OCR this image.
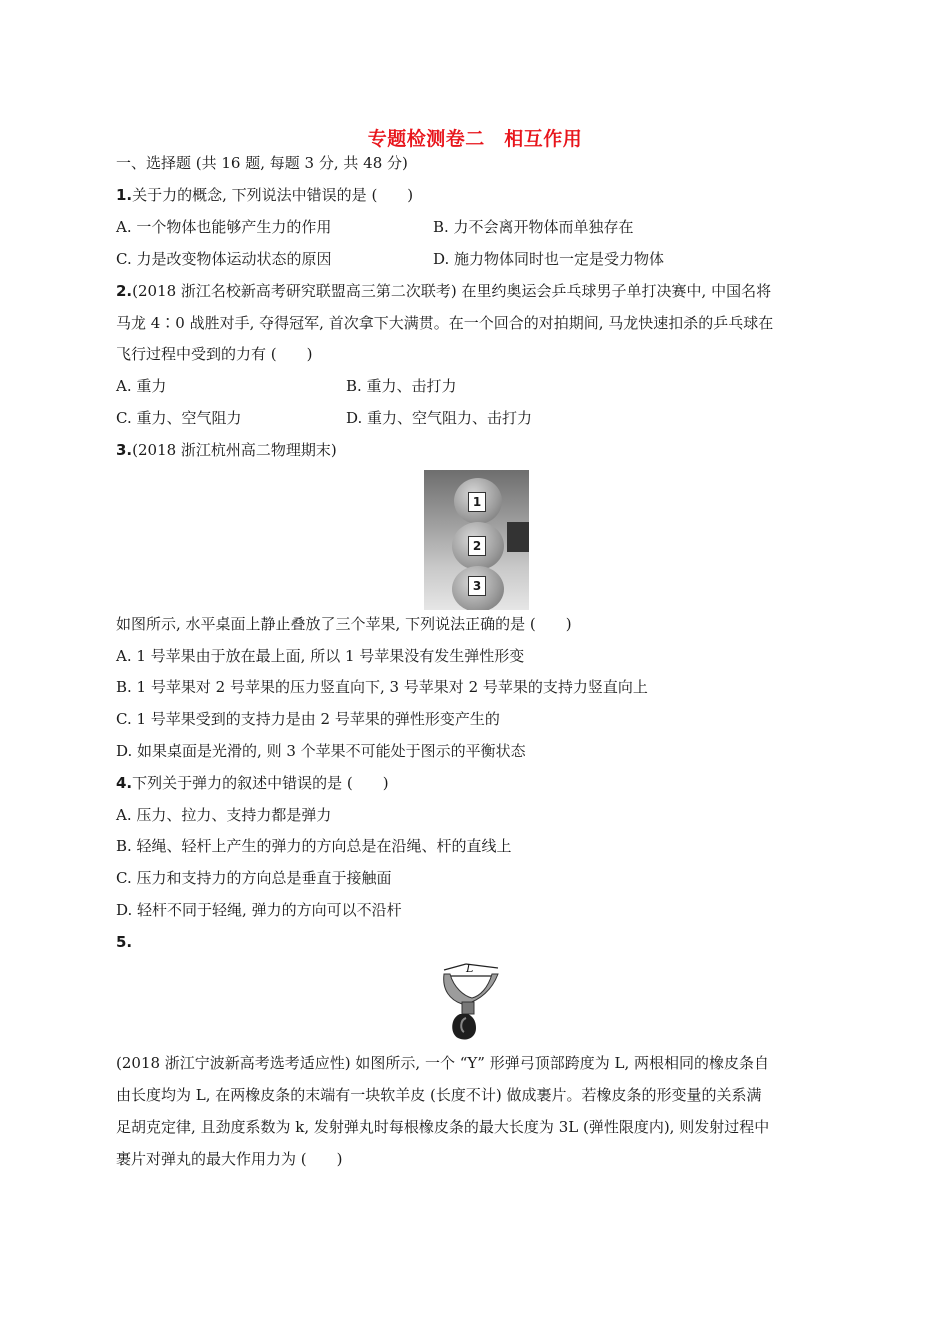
专题检测卷二　相互作用
一、选择题 (共 16 题, 每题 3 分, 共 48 分)
1.关于力的概念, 下列说法中错误的是 (　　)
A. 一个物体也能够产生力的作用	B. 力不会离开物体而单独存在
C. 力是改变物体运动状态的原因	D. 施力物体同时也一定是受力物体
2.(2018 浙江名校新高考研究联盟高三第二次联考) 在里约奥运会乒乓球男子单打决赛中, 中国名将
马龙 4∶0 战胜对手, 夺得冠军, 首次拿下大满贯。在一个回合的对拍期间, 马龙快速扣杀的乒乓球在
飞行过程中受到的力有 (　　)
A. 重力	B. 重力、击打力
C. 重力、空气阻力	D. 重力、空气阻力、击打力
3.(2018 浙江杭州高二物理期末)
1
2
3
如图所示, 水平桌面上静止叠放了三个苹果, 下列说法正确的是 (　　)
A. 1 号苹果由于放在最上面, 所以 1 号苹果没有发生弹性形变
B. 1 号苹果对 2 号苹果的压力竖直向下, 3 号苹果对 2 号苹果的支持力竖直向上
C. 1 号苹果受到的支持力是由 2 号苹果的弹性形变产生的
D. 如果桌面是光滑的, 则 3 个苹果不可能处于图示的平衡状态
4.下列关于弹力的叙述中错误的是 (　　)
A. 压力、拉力、支持力都是弹力
B. 轻绳、轻杆上产生的弹力的方向总是在沿绳、杆的直线上
C. 压力和支持力的方向总是垂直于接触面
D. 轻杆不同于轻绳, 弹力的方向可以不沿杆
5.
L
(2018 浙江宁波新高考选考适应性) 如图所示, 一个 “Y” 形弹弓顶部跨度为 L, 两根相同的橡皮条自
由长度均为 L, 在两橡皮条的末端有一块软羊皮 (长度不计) 做成裹片。若橡皮条的形变量的关系满
足胡克定律, 且劲度系数为 k, 发射弹丸时每根橡皮条的最大长度为 3L (弹性限度内), 则发射过程中
裹片对弹丸的最大作用力为 (　　)
